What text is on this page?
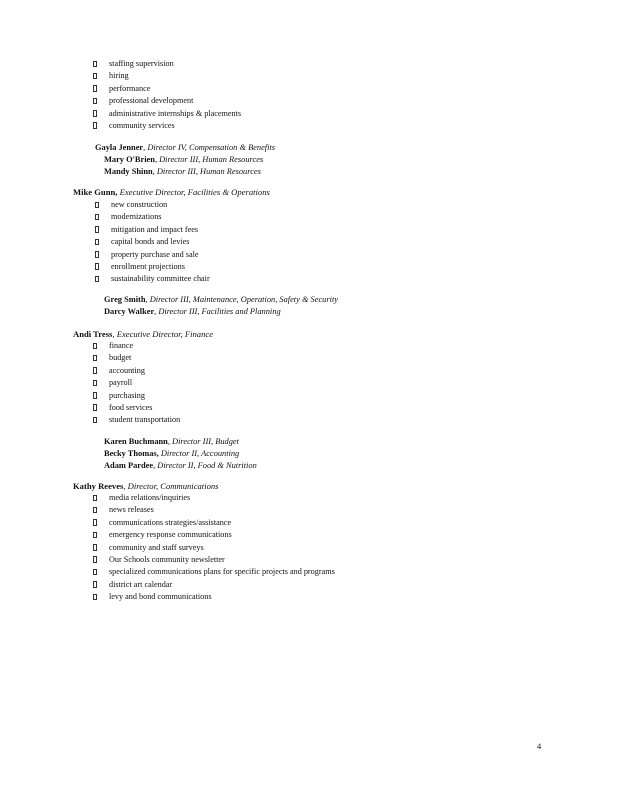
staffing supervision
hiring
performance
professional development
administrative internships & placements
community services
Gayla Jenner, Director IV, Compensation & Benefits
Mary O'Brien, Director III, Human Resources
Mandy Shinn, Director III, Human Resources
Mike Gunn, Executive Director, Facilities & Operations
new construction
modernizations
mitigation and impact fees
capital bonds and levies
property purchase and sale
enrollment projections
sustainability committee chair
Greg Smith, Director III, Maintenance, Operation, Safety & Security
Darcy Walker, Director III, Facilities and Planning
Andi Tress, Executive Director, Finance
finance
budget
accounting
payroll
purchasing
food services
student transportation
Karen Buchmann, Director III, Budget
Becky Thomas, Director II, Accounting
Adam Pardee, Director II, Food & Nutrition
Kathy Reeves, Director, Communications
media relations/inquiries
news releases
communications strategies/assistance
emergency response communications
community and staff surveys
Our Schools community newsletter
specialized communications plans for specific projects and programs
district art calendar
levy and bond communications
4
